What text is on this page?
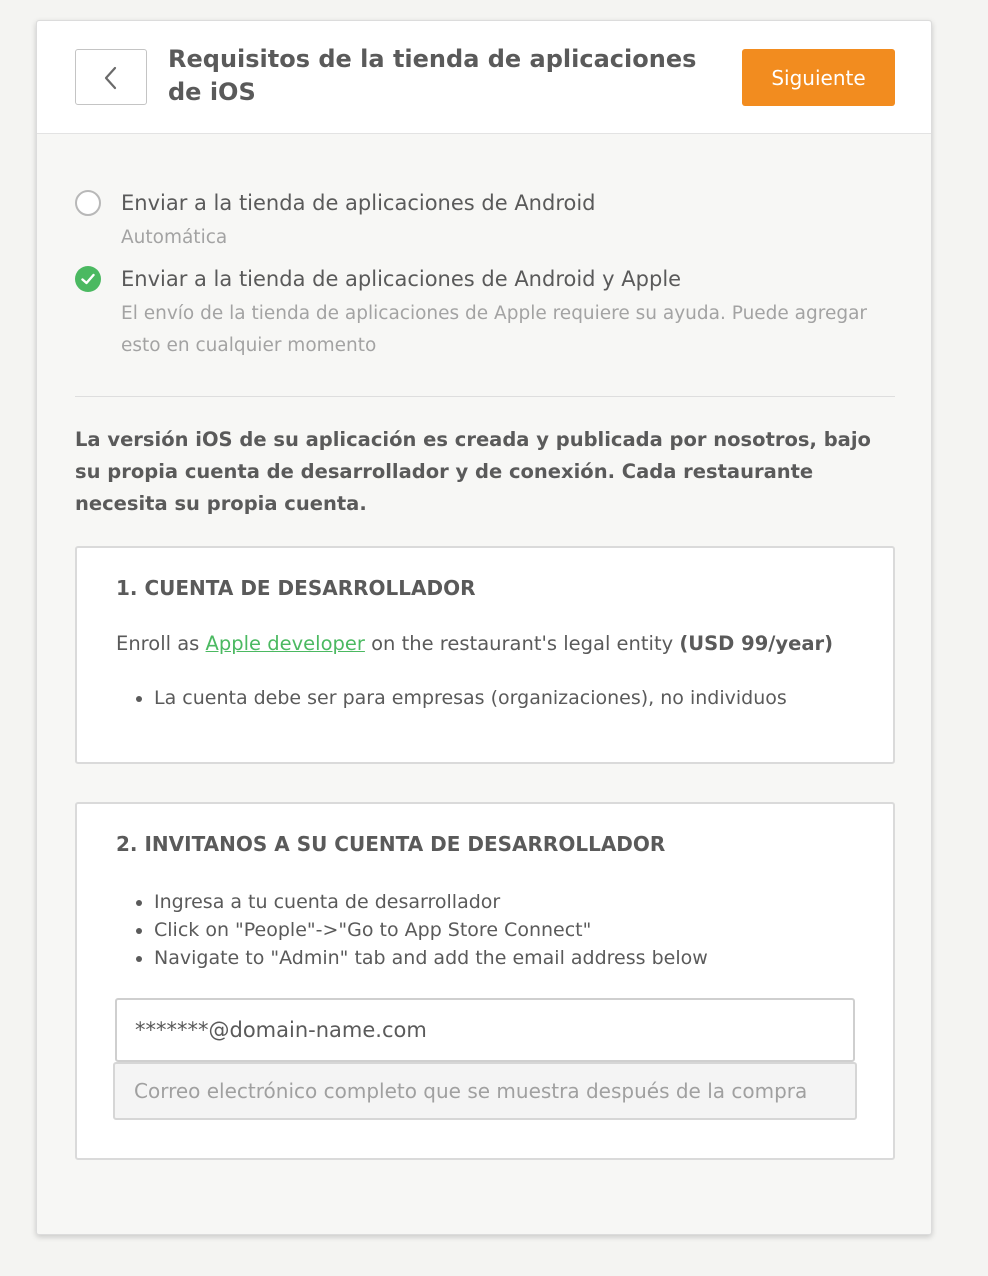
Requisitos de la tienda de aplicaciones de iOS
Siguiente
Enviar a la tienda de aplicaciones de Android
Automática
Enviar a la tienda de aplicaciones de Android y Apple
El envío de la tienda de aplicaciones de Apple requiere su ayuda. Puede agregar esto en cualquier momento
La versión iOS de su aplicación es creada y publicada por nosotros, bajo su propia cuenta de desarrollador y de conexión. Cada restaurante necesita su propia cuenta.
1. CUENTA DE DESARROLLADOR
Enroll as Apple developer on the restaurant's legal entity (USD 99/year)
• La cuenta debe ser para empresas (organizaciones), no individuos
2. INVITANOS A SU CUENTA DE DESARROLLADOR
• Ingresa a tu cuenta de desarrollador
• Click on "People"->"Go to App Store Connect"
• Navigate to "Admin" tab and add the email address below
*******@domain-name.com
Correo electrónico completo que se muestra después de la compra
